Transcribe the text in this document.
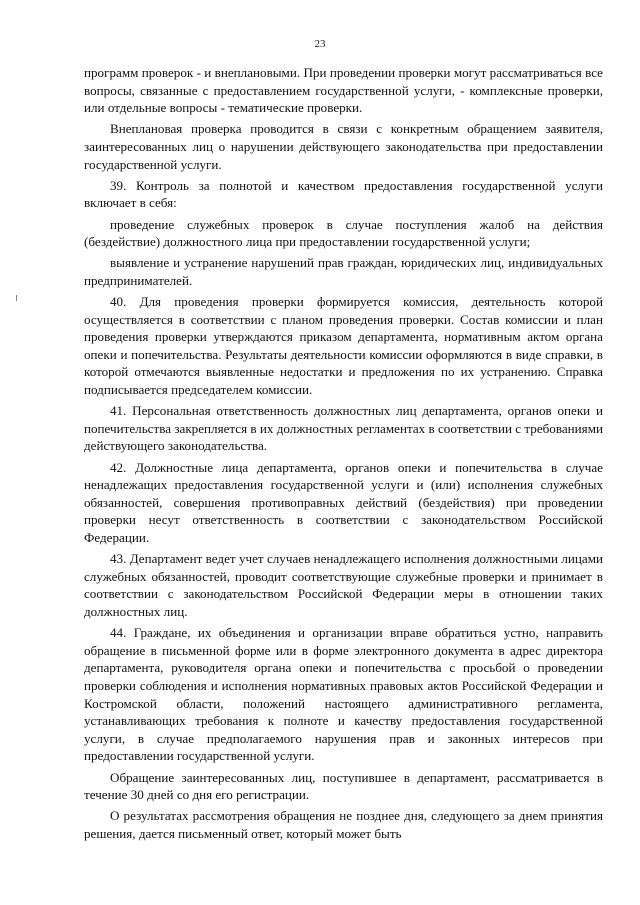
23

программ проверок - и внеплановыми. При проведении проверки могут рассматриваться все вопросы, связанные с предоставлением государственной услуги, - комплексные проверки, или отдельные вопросы - тематические проверки.

Внеплановая проверка проводится в связи с конкретным обращением заявителя, заинтересованных лиц о нарушении действующего законодательства при предоставлении государственной услуги.

39. Контроль за полнотой и качеством предоставления государственной услуги включает в себя:

проведение служебных проверок в случае поступления жалоб на действия (бездействие) должностного лица при предоставлении государственной услуги;

выявление и устранение нарушений прав граждан, юридических лиц, индивидуальных предпринимателей.

40. Для проведения проверки формируется комиссия, деятельность которой осуществляется в соответствии с планом проведения проверки. Состав комиссии и план проведения проверки утверждаются приказом департамента, нормативным актом органа опеки и попечительства. Результаты деятельности комиссии оформляются в виде справки, в которой отмечаются выявленные недостатки и предложения по их устранению. Справка подписывается председателем комиссии.

41. Персональная ответственность должностных лиц департамента, органов опеки и попечительства закрепляется в их должностных регламентах в соответствии с требованиями действующего законодательства.

42. Должностные лица департамента, органов опеки и попечительства в случае ненадлежащих предоставления государственной услуги и (или) исполнения служебных обязанностей, совершения противоправных действий (бездействия) при проведении проверки несут ответственность в соответствии с законодательством Российской Федерации.

43. Департамент ведет учет случаев ненадлежащего исполнения должностными лицами служебных обязанностей, проводит соответствующие служебные проверки и принимает в соответствии с законодательством Российской Федерации меры в отношении таких должностных лиц.

44. Граждане, их объединения и организации вправе обратиться устно, направить обращение в письменной форме или в форме электронного документа в адрес директора департамента, руководителя органа опеки и попечительства с просьбой о проведении проверки соблюдения и исполнения нормативных правовых актов Российской Федерации и Костромской области, положений настоящего административного регламента, устанавливающих требования к полноте и качеству предоставления государственной услуги, в случае предполагаемого нарушения прав и законных интересов при предоставлении государственной услуги.

Обращение заинтересованных лиц, поступившее в департамент, рассматривается в течение 30 дней со дня его регистрации.

О результатах рассмотрения обращения не позднее дня, следующего за днем принятия решения, дается письменный ответ, который может быть
